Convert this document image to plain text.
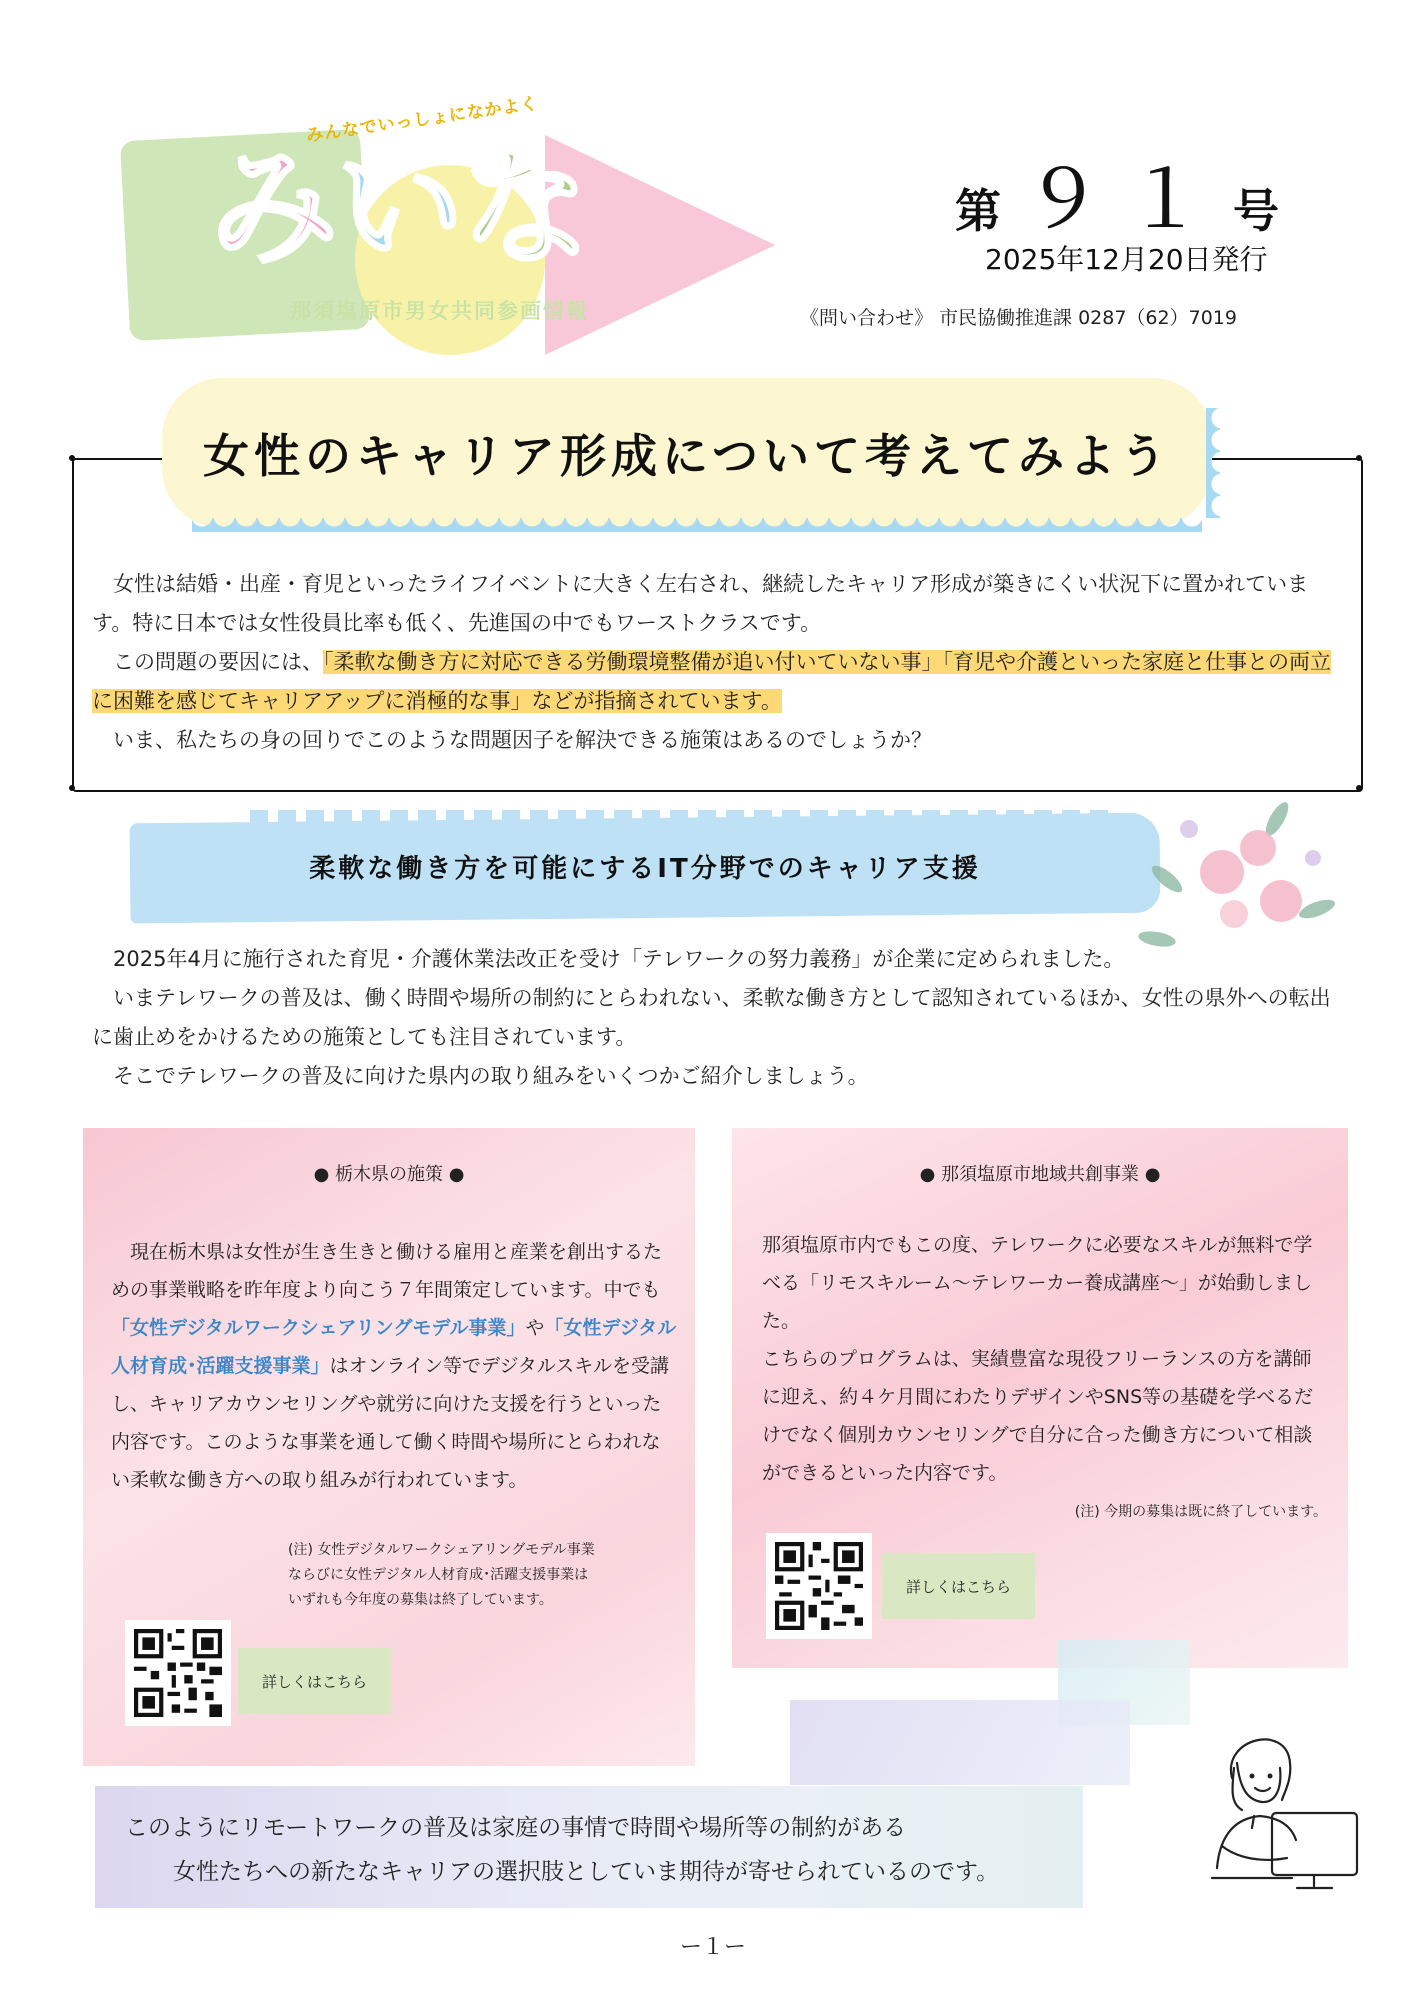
みんなでいっしょになかよく
みいな
那須塩原市男女共同参画情報
第 ９１ 号
2025年12月20日発行
《問い合わせ》 市民協働推進課 0287（62）7019
女性のキャリア形成について考えてみよう

女性は結婚・出産・育児といったライフイベントに大きく左右され、継続したキャリア形成が築きにくい状況下に置かれています。特に日本では女性役員比率も低く、先進国の中でもワーストクラスです。

この問題の要因には、「柔軟な働き方に対応できる労働環境整備が追い付いていない事」「育児や介護といった家庭と仕事との両立に困難を感じてキャリアアップに消極的な事」などが指摘されています。

いま、私たちの身の回りでこのような問題因子を解決できる施策はあるのでしょうか？

柔軟な働き方を可能にするIT分野でのキャリア支援

2025年4月に施行された育児・介護休業法改正を受け「テレワークの努力義務」が企業に定められました。

いまテレワークの普及は、働く時間や場所の制約にとらわれない、柔軟な働き方として認知されているほか、女性の県外への転出に歯止めをかけるための施策としても注目されています。

そこでテレワークの普及に向けた県内の取り組みをいくつかご紹介しましょう。

● 栃木県の施策 ●

現在栃木県は女性が生き生きと働ける雇用と産業を創出するための事業戦略を昨年度より向こう７年間策定しています。中でも「女性デジタルワークシェアリングモデル事業」や「女性デジタル人材育成･活躍支援事業」はオンライン等でデジタルスキルを受講し、キャリアカウンセリングや就労に向けた支援を行うといった内容です。このような事業を通して働く時間や場所にとらわれない柔軟な働き方への取り組みが行われています。

(注) 女性デジタルワークシェアリングモデル事業
ならびに女性デジタル人材育成･活躍支援事業は
いずれも今年度の募集は終了しています。
詳しくはこちら
● 那須塩原市地域共創事業 ●

那須塩原市内でもこの度、テレワークに必要なスキルが無料で学べる「リモスキルーム〜テレワーカー養成講座〜」が始動しました。

こちらのプログラムは、実績豊富な現役フリーランスの方を講師に迎え、約４ケ月間にわたりデザインやSNS等の基礎を学べるだけでなく個別カウンセリングで自分に合った働き方について相談ができるといった内容です。

(注) 今期の募集は既に終了しています。
詳しくはこちら

このようにリモートワークの普及は家庭の事情で時間や場所等の制約がある

女性たちへの新たなキャリアの選択肢としていま期待が寄せられているのです。

ー１ー
